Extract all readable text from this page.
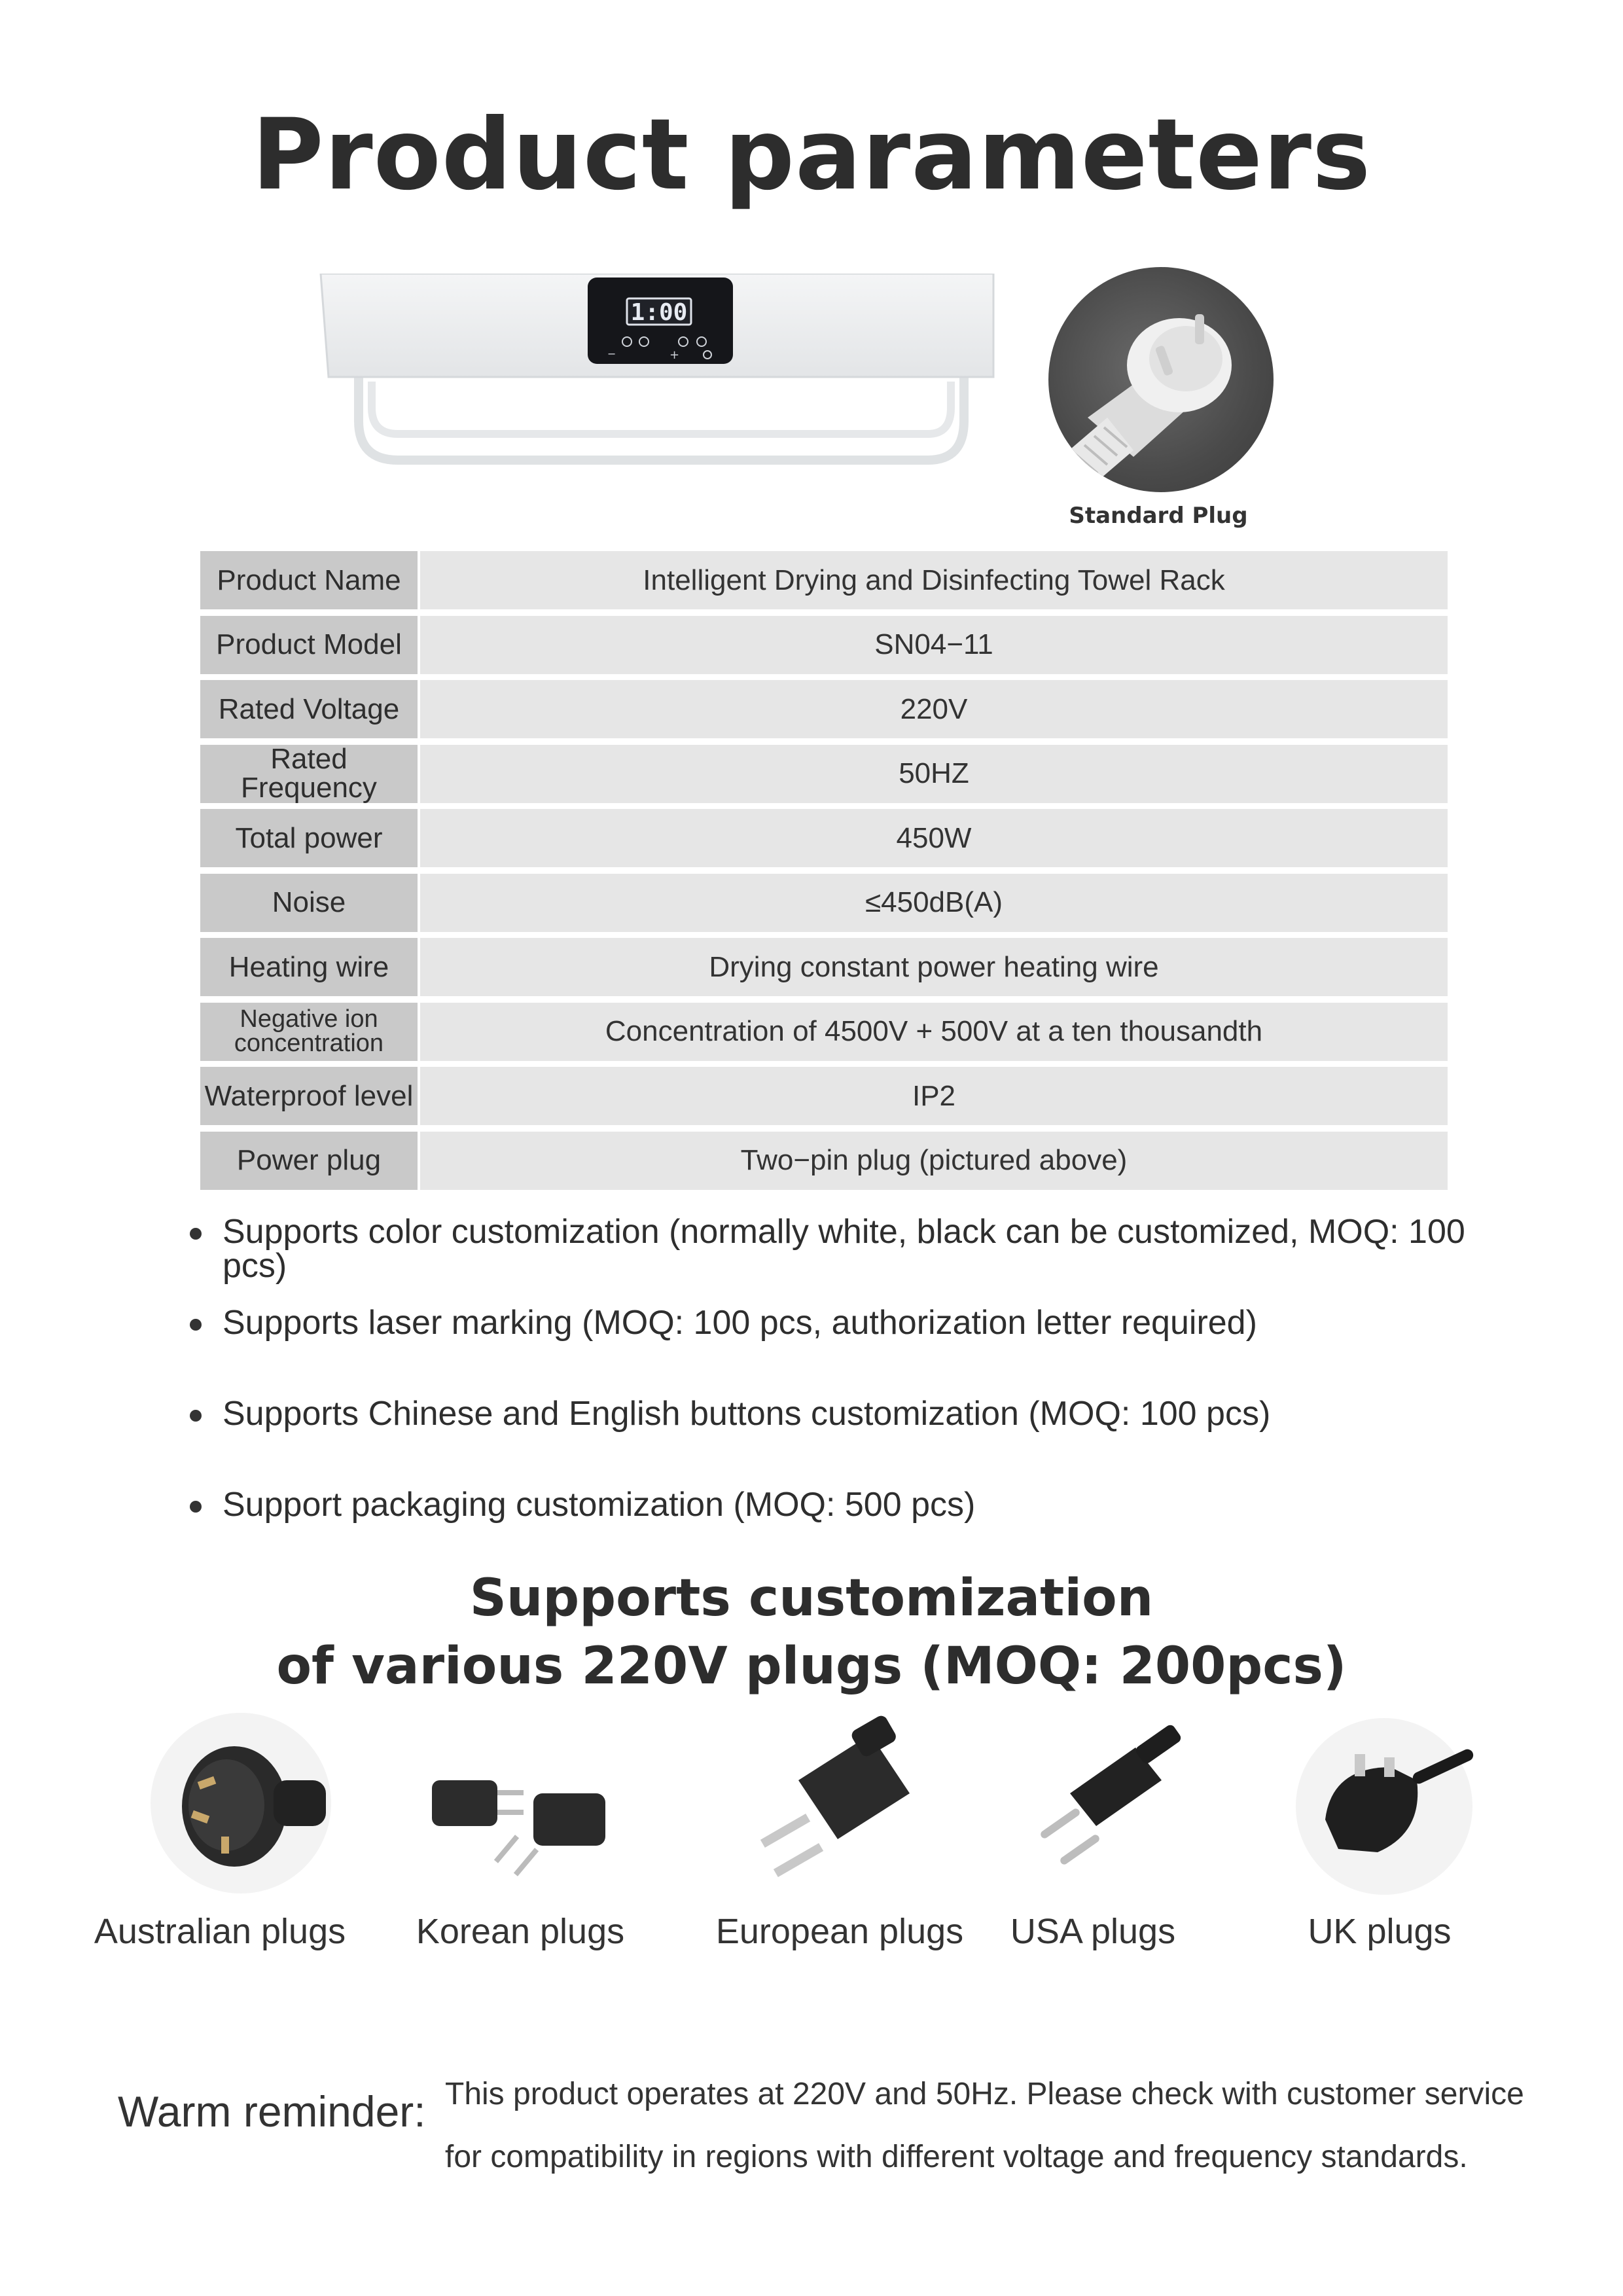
Product parameters
1:00
−	+
Standard Plug
Product Name	Intelligent Drying and Disinfecting Towel Rack
Product Model	SN04−11
Rated Voltage	220V
Rated Frequency	50HZ
Total power	450W
Noise	≤450dB(A)
Heating wire	Drying constant power heating wire
Negative ion
concentration	Concentration of 4500V + 500V at a ten thousandth
Waterproof level	IP2
Power plug	Two−pin plug (pictured above)
Supports color customization (normally white, black can be customized, MOQ: 100 pcs)
Supports laser marking (MOQ: 100 pcs, authorization letter required)
Supports Chinese and English buttons customization (MOQ: 100 pcs)
Support packaging customization (MOQ: 500 pcs)
Supports customization
of various 220V plugs (MOQ: 200pcs)
Australian plugs Korean plugs	European plugs USA plugs	UK plugs
Warm reminder: This product operates at 220V and 50Hz. Please check with customer service
for compatibility in regions with different voltage and frequency standards.
